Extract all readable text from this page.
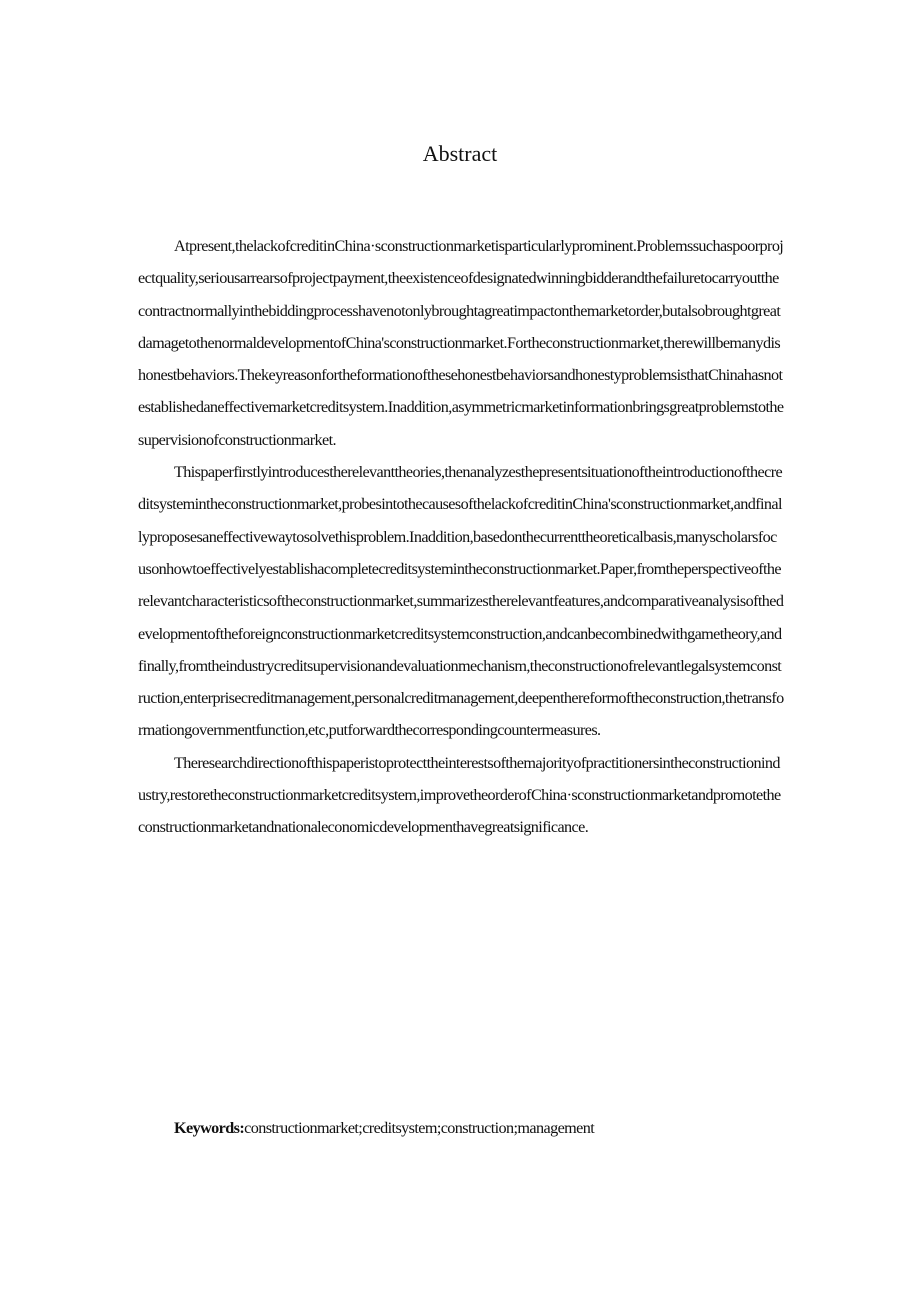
Abstract

Atpresent,thelackofcreditinChina·sconstructionmarketisparticularlyprominent.Problemssuchaspoorprojectquality,seriousarrearsofprojectpayment,theexistenceofdesignatedwinningbidderandthefailuretocarryoutthecontractnormallyinthebiddingprocesshavenotonlybroughtagreatimpactonthemarketorder,butalsobroughtgreatdamagetothenormaldevelopmentofChina'sconstructionmarket.Fortheconstructionmarket,therewillbemanydishonestbehaviors.ThekeyreasonfortheformationofthesehonestbehaviorsandhonestyproblemsisthatChinahasnotestablishedaneffectivemarketcreditsystem.Inaddition,asymmetricmarketinformationbringsgreatproblemstothesupervisionofconstructionmarket.

Thispaperfirstlyintroducestherelevanttheories,thenanalyzesthepresentsituationoftheintroductionofthecreditsystemintheconstructionmarket,probesintothecausesofthelackofcreditinChina'sconstructionmarket,andfinallyproposesaneffectivewaytosolvethisproblem.Inaddition,basedonthecurrenttheoreticalbasis,manyscholarsfocusonhowtoeffectivelyestablishacompletecreditsystemintheconstructionmarket.Paper,fromtheperspectiveoftherelevantcharacteristicsoftheconstructionmarket,summarizestherelevantfeatures,andcomparativeanalysisofthedevelopmentoftheforeignconstructionmarketcreditsystemconstruction,andcanbecombinedwithgametheory,andfinally,fromtheindustrycreditsupervisionandevaluationmechanism,theconstructionofrelevantlegalsystemconstruction,enterprisecreditmanagement,personalcreditmanagement,deepenthereformoftheconstruction,thetransformationgovernmentfunction,etc,putforwardthecorrespondingcountermeasures.

Theresearchdirectionofthispaperistoprotecttheinterestsofthemajorityofpractitionersintheconstructionindustry,restoretheconstructionmarketcreditsystem,improvetheorderofChina·sconstructionmarketandpromotetheconstructionmarketandnationaleconomicdevelopmenthavegreatsignificance.

Keywords:constructionmarket;creditsystem;construction;management
